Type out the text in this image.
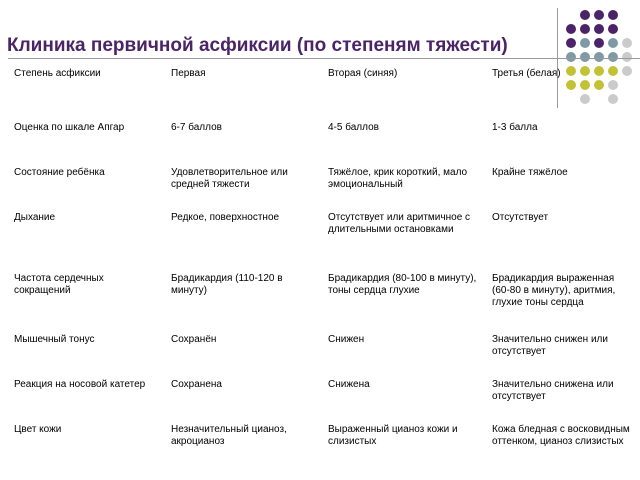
Клиника первичной асфиксии (по степеням тяжести)
Степень асфиксии	Первая	Вторая (синяя)	Третья (белая)
Оценка по шкале Апгар	6-7 баллов	4-5 баллов	1-3 балла
Состояние ребёнка	Удовлетворительное или средней тяжести	Тяжёлое, крик короткий, мало эмоциональный	Крайне тяжёлое
Дыхание	Редкое, поверхностное	Отсутствует или аритмичное с длительными остановками	Отсутствует
Частота сердечных сокращений	Брадикардия (110-120 в минуту)	Брадикардия (80-100 в минуту), тоны сердца глухие	Брадикардия выраженная (60-80 в минуту), аритмия, глухие тоны сердца
Мышечный тонус	Сохранён	Снижен	Значительно снижен или отсутствует
Реакция на носовой катетер	Сохранена	Снижена	Значительно снижена или отсутствует
Цвет кожи	Незначительный цианоз, акроцианоз	Выраженный цианоз кожи и слизистых	Кожа бледная с восковидным оттенком, цианоз слизистых
